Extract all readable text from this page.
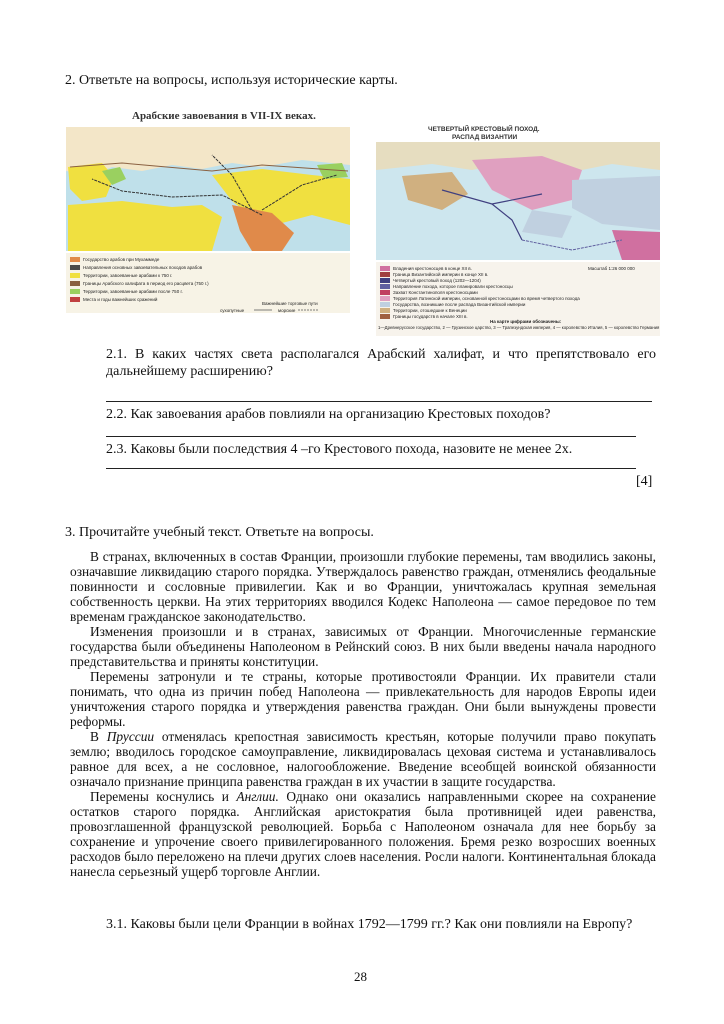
2. Ответьте на вопросы, используя исторические карты.
Арабские завоевания в VII-IX веках.
Государство арабов при Мухаммеде
Направления основных завоевательных походов арабов
Территории, завоеванные арабами к 750 г.
Границы Арабского халифата в период его расцвета (750 г.)
Территории, завоеванные арабами после 750 г.
Места и годы важнейших сражений
Важнейшие торговые пути
сухопутные	морские
ЧЕТВЕРТЫЙ КРЕСТОВЫЙ ПОХОД.
РАСПАД ВИЗАНТИИ
Владения крестоносцев в конце XII в.
Граница Византийской империи в конце XII в.
Четвертый крестовый поход (1202—1204)
Направление похода, которое планировали крестоносцы
Захват Константинополя крестоносцами
Территория Латинской империи, основанной крестоносцами во время четвертого похода
Государства, возникшие после распада Византийской империи
Территории, отошедшие к Венеции
Границы государств в начале XIII в.
Масштаб 1:26 000 000
На карте цифрами обозначены:
1—Древнерусское государство, 2 — Грузинское царство, 3 — Трапезундская империя, 4 — королевство Италия, 5 — королевство Германия
2.1. В каких частях света располагался Арабский халифат, и что препятствовало его дальнейшему расширению?
2.2. Как завоевания арабов повлияли на организацию Крестовых походов?
2.3. Каковы были последствия 4 –го Крестового похода, назовите не менее 2х.
[4]
3. Прочитайте учебный текст. Ответьте на вопросы.

В странах, включенных в состав Франции, произошли глубокие перемены, там вводились законы, означавшие ликвидацию старого порядка. Утверждалось равенство граждан, отменялись феодальные повинности и сословные привилегии. Как и во Франции, уничтожалась крупная земельная собственность церкви. На этих территориях вводился Кодекс Наполеона — самое передовое по тем временам гражданское законодательство.

Изменения произошли и в странах, зависимых от Франции. Многочисленные германские государства были объединены Наполеоном в Рейнский союз. В них были введены начала народного представительства и приняты конституции.

Перемены затронули и те страны, которые противостояли Франции. Их правители стали понимать, что одна из причин побед Наполеона — привлекательность для народов Европы идеи уничтожения старого порядка и утверждения равенства граждан. Они были вынуждены провести реформы.

В Пруссии отменялась крепостная зависимость крестьян, которые получили право покупать землю; вводилось городское самоуправление, ликвидировалась цеховая система и устанавливалось равное для всех, а не сословное, налогообложение. Введение всеобщей воинской обязанности означало признание принципа равенства граждан в их участии в защите государства.

Перемены коснулись и Англии. Однако они оказались направленными скорее на сохранение остатков старого порядка. Английская аристократия была противницей идеи равенства, провозглашенной французской революцией. Борьба с Наполеоном означала для нее борьбу за сохранение и упрочение своего привилегированного положения. Бремя резко возросших военных расходов было переложено на плечи других слоев населения. Росли налоги. Континентальная блокада нанесла серьезный ущерб торговле Англии.

3.1. Каковы были цели Франции в войнах 1792—1799 гг.? Как они повлияли на Европу?
28
